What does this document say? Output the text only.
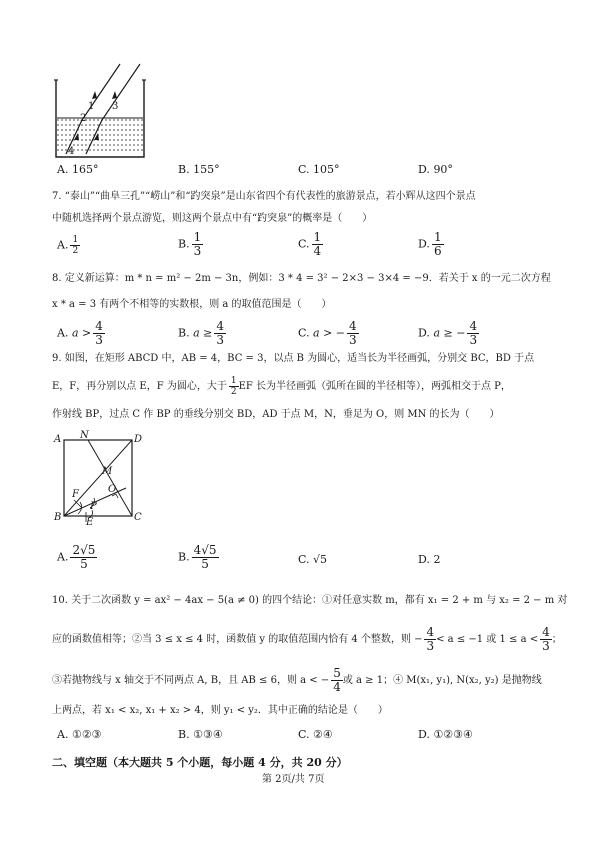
1
2
3
4
A. 165°	B. 155°	C. 105°	D. 90°
7. “泰山”“曲阜三孔”“崂山”和“趵突泉”是山东省四个有代表性的旅游景点，若小辉从这四个景点
中随机选择两个景点游览，则这两个景点中有“趵突泉”的概率是（　　）
A. $\frac{1}{2}$	B. $\frac{1}{3}$	C. $\frac{1}{4}$	D. $\frac{1}{6}$
8. 定义新运算：m * n = m² − 2m − 3n，例如：3 * 4 = 3² − 2×3 − 3×4 = −9．若关于 x 的一元二次方程
x * a = 3 有两个不相等的实数根，则 a 的取值范围是（　　）
A. $a > \frac{4}{3}$	B. $a \ge \frac{4}{3}$	C. a > − $\frac{4}{3}$	D. a ≥ − $\frac{4}{3}$
9. 如图，在矩形 ABCD 中，AB = 4，BC = 3，以点 B 为圆心，适当长为半径画弧，分别交 BC，BD 于点
E，F，再分别以点 E，F 为圆心，大于 $\frac{1}{2}$ EF 长为半径画弧（弧所在圆的半径相等），两弧相交于点 P，
作射线 BP，过点 C 作 BP 的垂线分别交 BD，AD 于点 M，N，垂足为 O，则 MN 的长为（　　）
A N	D
M
O
F
P
B E	C
A. $\frac{2√5}{5}$	B. $\frac{4√5}{5}$	C. √5	D. 2
10. 关于二次函数 y = ax² − 4ax − 5(a ≠ 0) 的四个结论：①对任意实数 m，都有 x₁ = 2 + m 与 x₂ = 2 − m 对
应的函数值相等；②当 3 ≤ x ≤ 4 时，函数值 y 的取值范围内恰有 4 个整数，则 − $\frac{4}{3} < a \le -1$ 或 $1 \le a < \frac{4}{3}$ ；
③若抛物线与 x 轴交于不同两点 A, B，且 AB ≤ 6，则 a < − $\frac{5}{4}$ 或 a ≥ 1；④ M(x₁, y₁), N(x₂, y₂) 是抛物线
上两点，若 x₁ < x₂, x₁ + x₂ > 4，则 y₁ < y₂．其中正确的结论是（　　）
A. ①②③	B. ①③④	C. ②④	D. ①②③④
二、填空题（本大题共 5 个小题，每小题 4 分，共 20 分）
第 2页/共 7页
